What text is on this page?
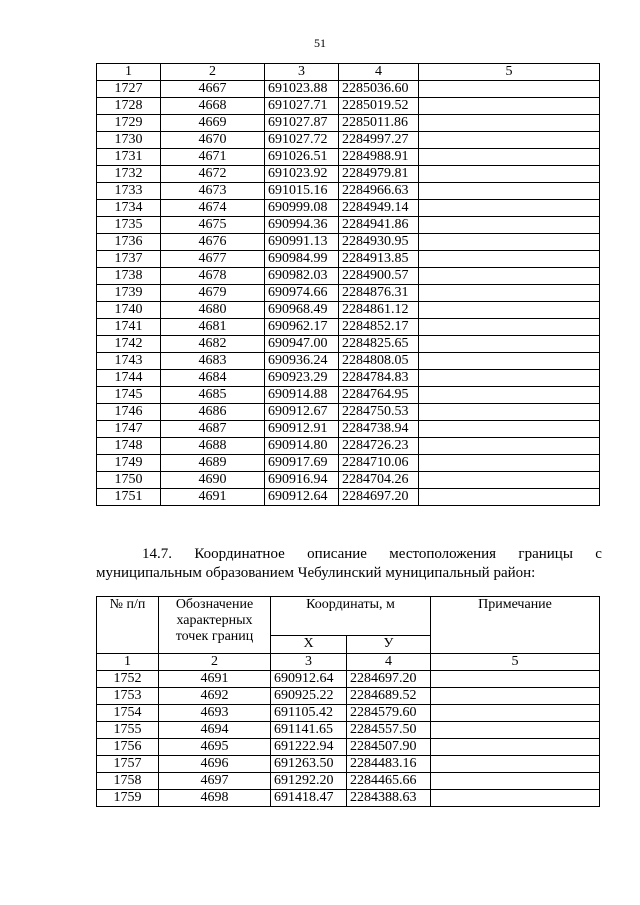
51
1	2	3	4	5
1727	4667	691023.88	2285036.60	
1728	4668	691027.71	2285019.52	
1729	4669	691027.87	2285011.86	
1730	4670	691027.72	2284997.27	
1731	4671	691026.51	2284988.91	
1732	4672	691023.92	2284979.81	
1733	4673	691015.16	2284966.63	
1734	4674	690999.08	2284949.14	
1735	4675	690994.36	2284941.86	
1736	4676	690991.13	2284930.95	
1737	4677	690984.99	2284913.85	
1738	4678	690982.03	2284900.57	
1739	4679	690974.66	2284876.31	
1740	4680	690968.49	2284861.12	
1741	4681	690962.17	2284852.17	
1742	4682	690947.00	2284825.65	
1743	4683	690936.24	2284808.05	
1744	4684	690923.29	2284784.83	
1745	4685	690914.88	2284764.95	
1746	4686	690912.67	2284750.53	
1747	4687	690912.91	2284738.94	
1748	4688	690914.80	2284726.23	
1749	4689	690917.69	2284710.06	
1750	4690	690916.94	2284704.26	
1751	4691	690912.64	2284697.20	
14.7. Координатное описание местоположения границы с
муниципальным образованием Чебулинский муниципальный район:
№ п/п	Обозначение характерных точек границ	Координаты, м		Примечание
		X	У	
1	2	3	4	5
1752	4691	690912.64	2284697.20	
1753	4692	690925.22	2284689.52	
1754	4693	691105.42	2284579.60	
1755	4694	691141.65	2284557.50	
1756	4695	691222.94	2284507.90	
1757	4696	691263.50	2284483.16	
1758	4697	691292.20	2284465.66	
1759	4698	691418.47	2284388.63	
